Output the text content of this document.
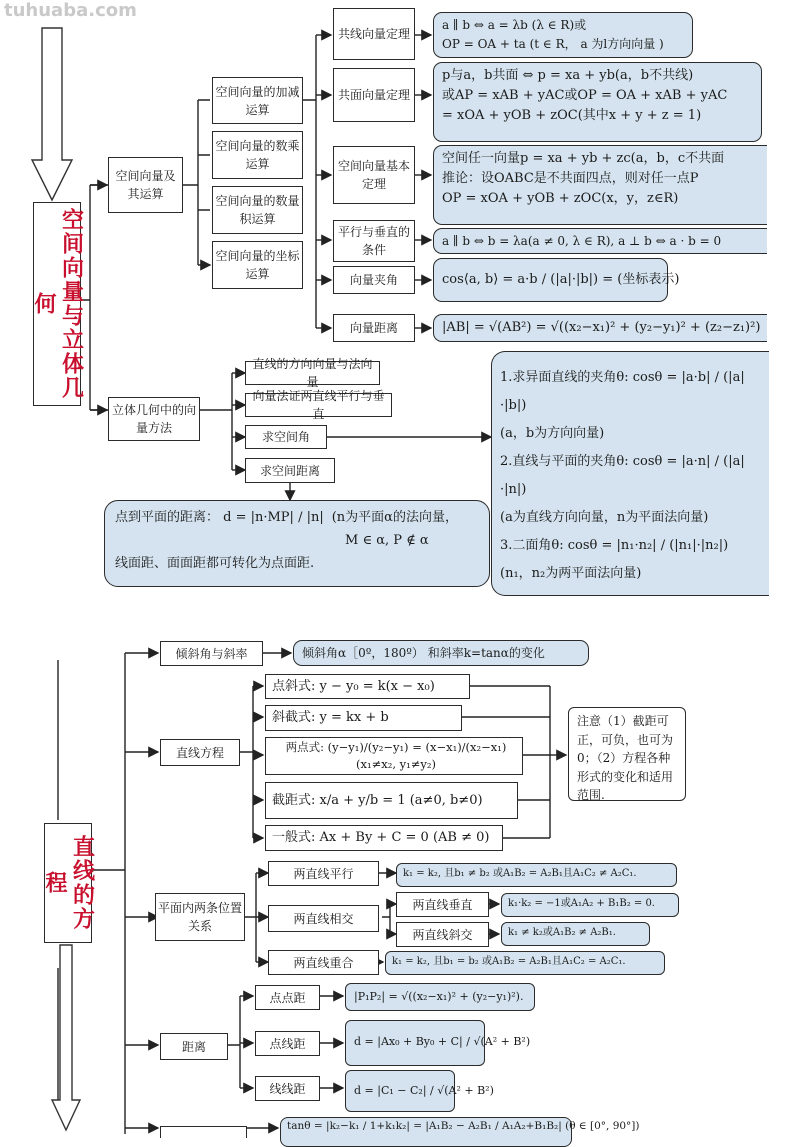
tuhuaba.com
空间向量与立体几何
空间向量及其运算
立体几何中的向量方法
空间向量的加减运算
空间向量的数乘运算
空间向量的数量积运算
空间向量的坐标运算
共线向量定理
共面向量定理
空间向量基本定理
平行与垂直的条件
向量夹角
向量距离
a ∥ b ⇔ a = λb (λ ∈ R)或
OP = OA + ta (t ∈ R， a 为l方向向量 )
p与a，b共面 ⇔ p = xa + yb(a，b不共线)
或AP = xAB + yAC或OP = OA + xAB + yAC
= xOA + yOB + zOC(其中x + y + z = 1)
空间任一向量p = xa + yb + zc(a，b，c不共面
推论：设OABC是不共面四点，则对任一点P
OP = xOA + yOB + zOC(x，y，z∈R)
a ∥ b ⇔ b = λa(a ≠ 0, λ ∈ R), a ⊥ b ⇔ a · b = 0
cos⟨a, b⟩ = a·b / (|a|·|b|) = (坐标表示)
|AB| = √(AB²) = √((x₂−x₁)² + (y₂−y₁)² + (z₂−z₁)²)
直线的方向向量与法向量
向量法证两直线平行与垂直
求空间角
求空间距离
1.求异面直线的夹角θ: cosθ = |a·b| / (|a|·|b|)
(a，b为方向向量)
2.直线与平面的夹角θ: cosθ = |a·n| / (|a|·|n|)
(a为直线方向向量，n为平面法向量)
3.二面角θ: cosθ = |n₁·n₂| / (|n₁|·|n₂|)
(n₁，n₂为两平面法向量)
点到平面的距离： d = |n·MP| / |n| (n为平面α的法向量，
M ∈ α, P ∉ α
线面距、面面距都可转化为点面距.
直线的方程
倾斜角与斜率
直线方程
平面内两条位置关系
距离
倾斜角α［0º，180º） 和斜率k=tanα的变化
点斜式: y − y₀ = k(x − x₀)
斜截式: y = kx + b
两点式: (y−y₁)/(y₂−y₁) = (x−x₁)/(x₂−x₁) (x₁≠x₂, y₁≠y₂)
截距式: x/a + y/b = 1 (a≠0, b≠0)
一般式: Ax + By + C = 0 (AB ≠ 0)
注意（1）截距可正，可负，也可为0；（2）方程各种形式的变化和适用范围.
两直线平行
两直线相交
两直线重合
两直线垂直
两直线斜交
k₁ = k₂, 且b₁ ≠ b₂ 或A₁B₂ = A₂B₁且A₁C₂ ≠ A₂C₁.
k₁·k₂ = −1或A₁A₂ + B₁B₂ = 0.
k₁ ≠ k₂或A₁B₂ ≠ A₂B₁.
k₁ = k₂, 且b₁ = b₂ 或A₁B₂ = A₂B₁且A₁C₂ = A₂C₁.
点点距
点线距
线线距
|P₁P₂| = √((x₂−x₁)² + (y₂−y₁)²).
d = |Ax₀ + By₀ + C| / √(A² + B²)
d = |C₁ − C₂| / √(A² + B²)
tanθ = |k₂−k₁ / 1+k₁k₂| = |A₁B₂ − A₂B₁ / A₁A₂+B₁B₂| (θ ∈ [0°, 90°])
